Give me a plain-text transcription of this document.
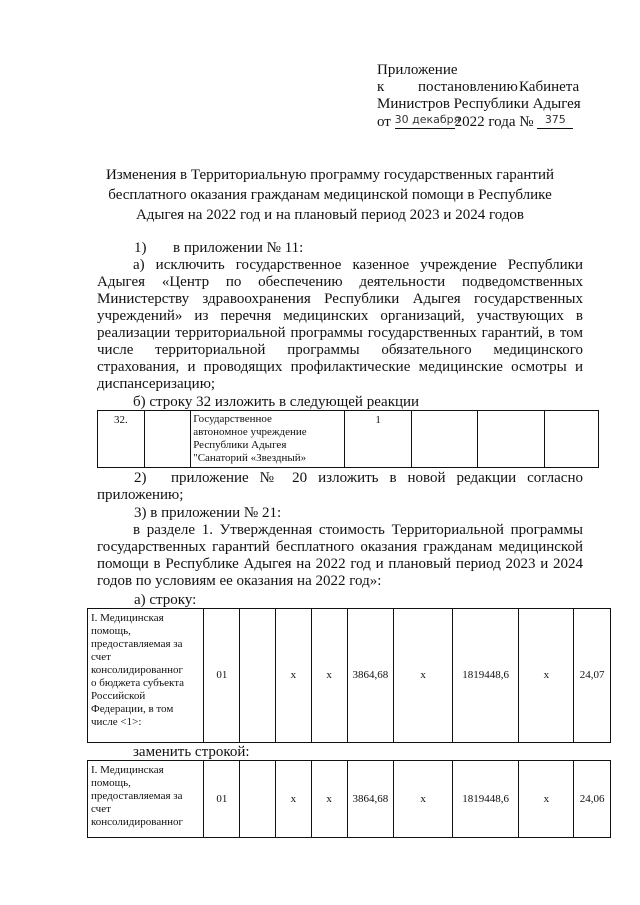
Приложение
к постановлению Кабинета
Министров Республики Адыгея
от 30 декабря2022 года № 375
Изменения в Территориальную программу государственных гарантий бесплатного оказания гражданам медицинской помощи в Республике Адыгея на 2022 год и на плановый период 2023 и 2024 годов
1) в приложении № 11:
а) исключить государственное казенное учреждение Республики Адыгея «Центр по обеспечению деятельности подведомственных Министерству здравоохранения Республики Адыгея государственных учреждений» из перечня медицинских организаций, участвующих в реализации территориальной программы государственных гарантий, в том числе территориальной программы обязательного медицинского страхования, и проводящих профилактические медицинские осмотры и диспансеризацию;
б) строку 32 изложить в следующей реакции
32.		Государственное
автономное учреждение
Республики Адыгея
"Санаторий «Звездный»
	1			
2)	приложение № 20 изложить в новой редакции согласно приложению;
3) в приложении № 21:
в разделе 1. Утвержденная стоимость Территориальной программы государственных гарантий бесплатного оказания гражданам медицинской помощи в Республике Адыгея на 2022 год и плановый период 2023 и 2024 годов по условиям ее оказания на 2022 год»:
а) строку:
I. Медицинская
помощь,
предоставляемая за
счет
консолидированног
о бюджета субъекта
Российской
Федерации, в том
числе <1>:
	01		x	x	3864,68	x	1819448,6	x	24,07
заменить строкой:
I. Медицинская
помощь,
предоставляемая за
счет
консолидированног
	01		x	x	3864,68	x	1819448,6	x	24,06
